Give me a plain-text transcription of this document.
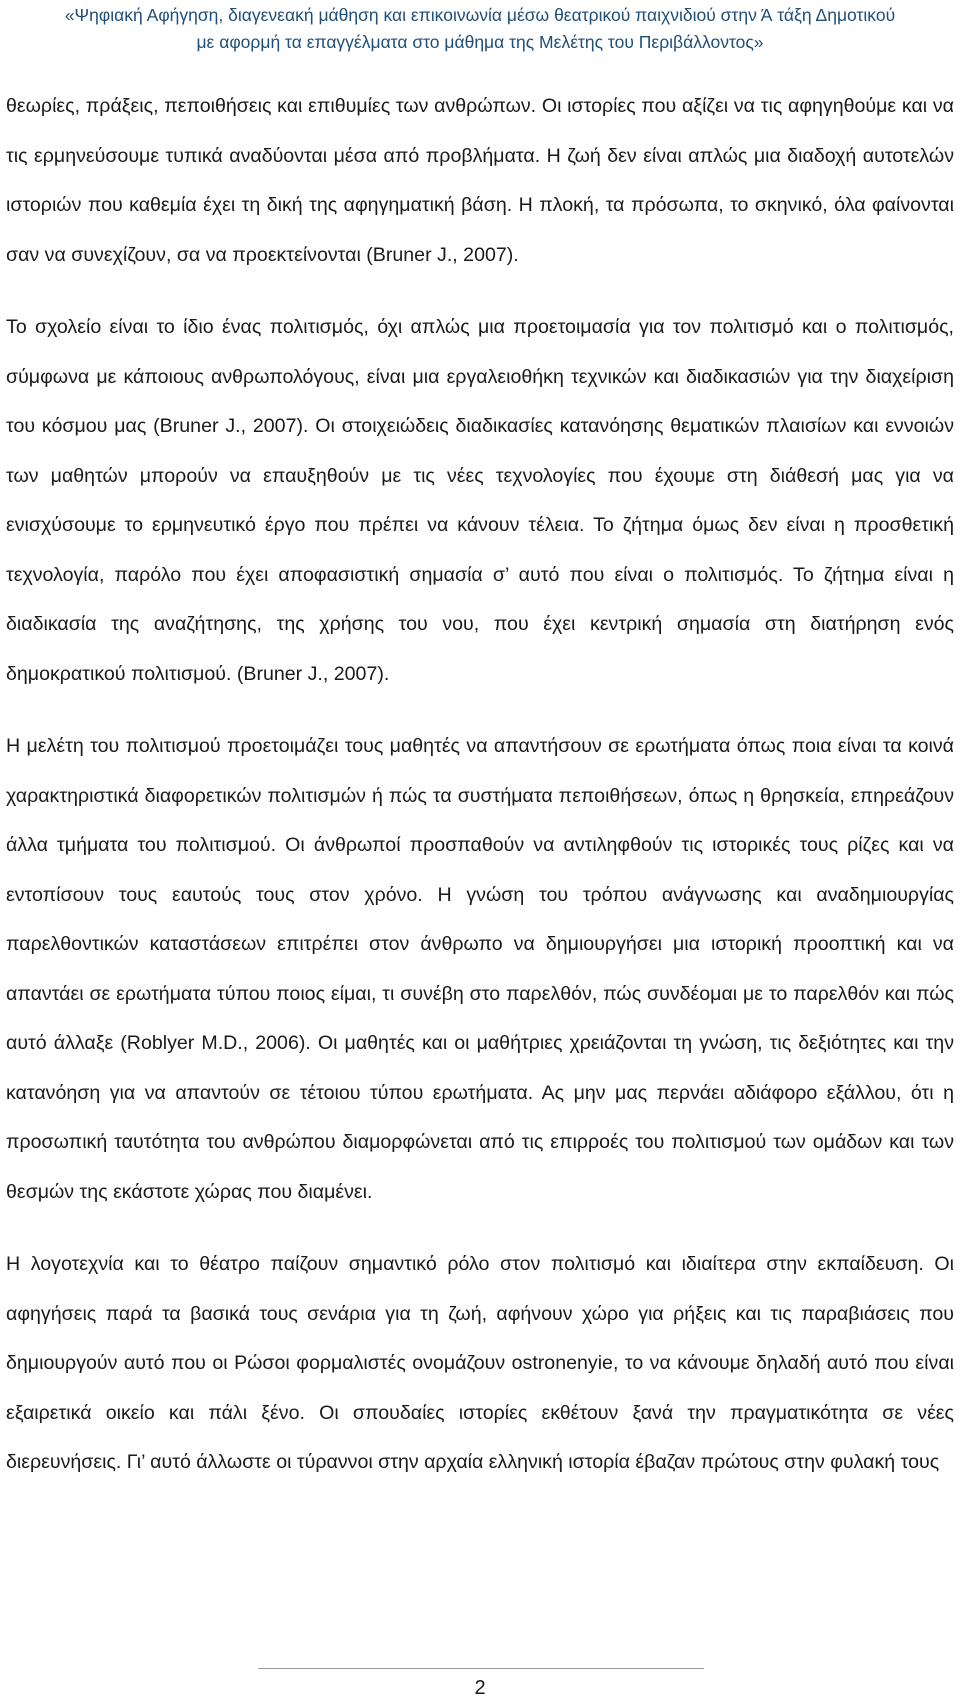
«Ψηφιακή Αφήγηση, διαγενεακή μάθηση και επικοινωνία μέσω θεατρικού παιχνιδιού στην Ά τάξη Δημοτικού
με αφορμή τα επαγγέλματα στο μάθημα της Μελέτης του Περιβάλλοντος»

θεωρίες, πράξεις, πεποιθήσεις και επιθυμίες των ανθρώπων. Οι ιστορίες που αξίζει να τις αφηγηθούμε και να τις ερμηνεύσουμε τυπικά αναδύονται μέσα από προβλήματα. Η ζωή δεν είναι απλώς μια διαδοχή αυτοτελών ιστοριών που καθεμία έχει τη δική της αφηγηματική βάση. Η πλοκή, τα πρόσωπα, το σκηνικό, όλα φαίνονται σαν να συνεχίζουν, σα να προεκτείνονται (Bruner J., 2007).

Το σχολείο είναι το ίδιο ένας πολιτισμός, όχι απλώς μια προετοιμασία για τον πολιτισμό και ο πολιτισμός, σύμφωνα με κάποιους ανθρωπολόγους, είναι μια εργαλειοθήκη τεχνικών και διαδικασιών για την διαχείριση του κόσμου μας (Bruner J., 2007). Οι στοιχειώδεις διαδικασίες κατανόησης θεματικών πλαισίων και εννοιών των μαθητών μπορούν να επαυξηθούν με τις νέες τεχνολογίες που έχουμε στη διάθεσή μας για να ενισχύσουμε το ερμηνευτικό έργο που πρέπει να κάνουν τέλεια. Το ζήτημα όμως δεν είναι η προσθετική τεχνολογία, παρόλο που έχει αποφασιστική σημασία σ’ αυτό που είναι ο πολιτισμός. Το ζήτημα είναι η διαδικασία της αναζήτησης, της χρήσης του νου, που έχει κεντρική σημασία στη διατήρηση ενός δημοκρατικού πολιτισμού. (Bruner J., 2007).

Η μελέτη του πολιτισμού προετοιμάζει τους μαθητές να απαντήσουν σε ερωτήματα όπως ποια είναι τα κοινά χαρακτηριστικά διαφορετικών πολιτισμών ή πώς τα συστήματα πεποιθήσεων, όπως η θρησκεία, επηρεάζουν άλλα τμήματα του πολιτισμού. Οι άνθρωποί προσπαθούν να αντιληφθούν τις ιστορικές τους ρίζες και να εντοπίσουν τους εαυτούς τους στον χρόνο. Η γνώση του τρόπου ανάγνωσης και αναδημιουργίας παρελθοντικών καταστάσεων επιτρέπει στον άνθρωπο να δημιουργήσει μια ιστορική προοπτική και να απαντάει σε ερωτήματα τύπου ποιος είμαι, τι συνέβη στο παρελθόν, πώς συνδέομαι με το παρελθόν και πώς αυτό άλλαξε (Roblyer M.D., 2006). Οι μαθητές και οι μαθήτριες χρειάζονται τη γνώση, τις δεξιότητες και την κατανόηση για να απαντούν σε τέτοιου τύπου ερωτήματα. Ας μην μας περνάει αδιάφορο εξάλλου, ότι η προσωπική ταυτότητα του ανθρώπου διαμορφώνεται από τις επιρροές του πολιτισμού των ομάδων και των θεσμών της εκάστοτε χώρας που διαμένει.

Η λογοτεχνία και το θέατρο παίζουν σημαντικό ρόλο στον πολιτισμό και ιδιαίτερα στην εκπαίδευση. Οι αφηγήσεις παρά τα βασικά τους σενάρια για τη ζωή, αφήνουν χώρο για ρήξεις και τις παραβιάσεις που δημιουργούν αυτό που οι Ρώσοι φορμαλιστές ονομάζουν ostronenyie, το να κάνουμε δηλαδή αυτό που είναι εξαιρετικά οικείο και πάλι ξένο. Οι σπουδαίες ιστορίες εκθέτουν ξανά την πραγματικότητα σε νέες διερευνήσεις. Γι’ αυτό άλλωστε οι τύραννοι στην αρχαία ελληνική ιστορία έβαζαν πρώτους στην φυλακή τους

2
